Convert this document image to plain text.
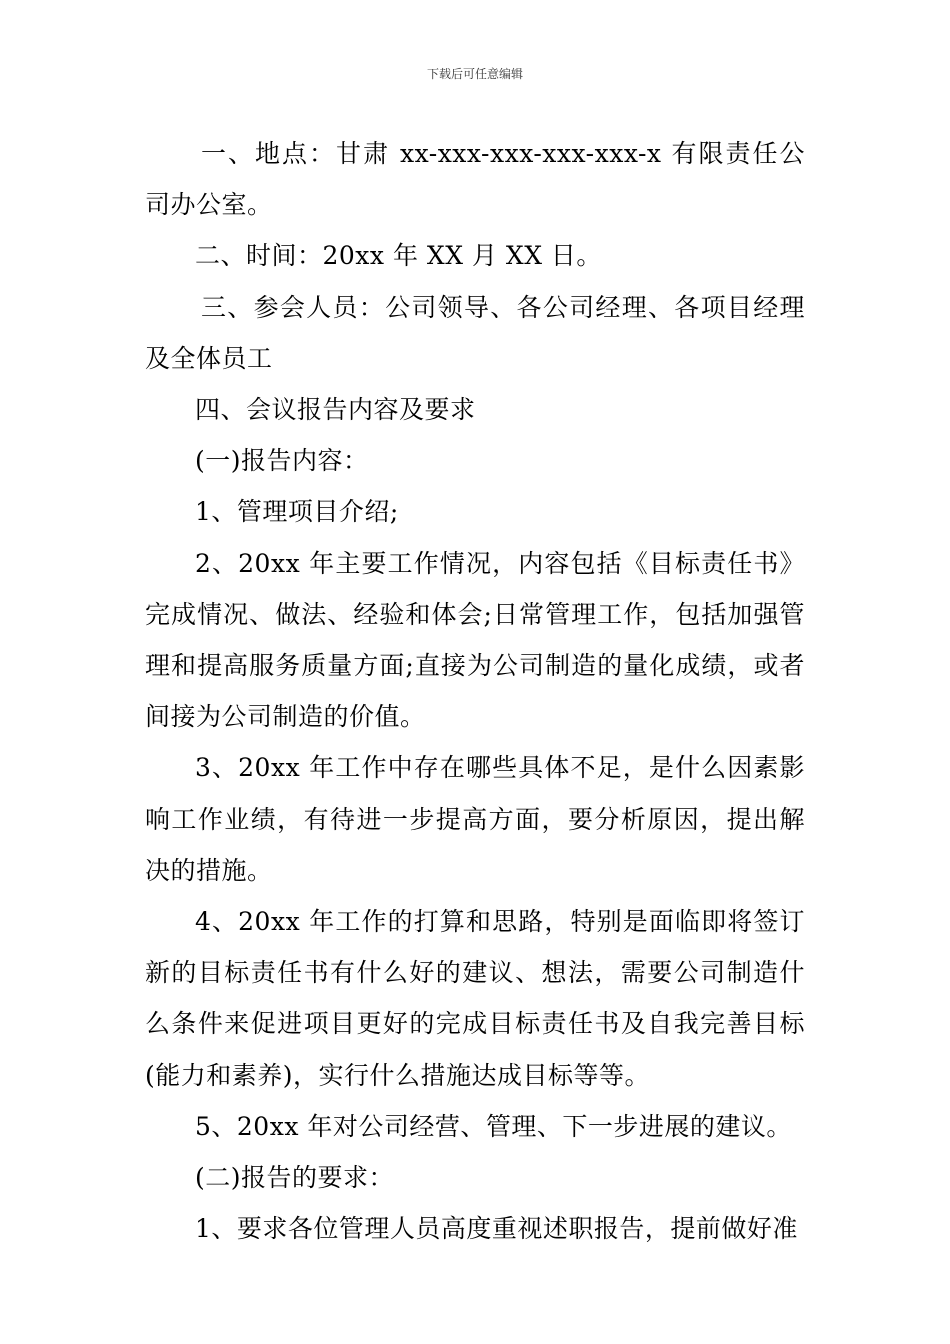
下载后可任意编辑

一、地点：甘肃 xx-xxx-xxx-xxx-xxx-x 有限责任公司办公室。

二、时间：20xx 年 XX 月 XX 日。

三、参会人员：公司领导、各公司经理、各项目经理及全体员工

四、会议报告内容及要求

(一)报告内容：

1、管理项目介绍;

2、20xx 年主要工作情况，内容包括《目标责任书》完成情况、做法、经验和体会;日常管理工作，包括加强管理和提高服务质量方面;直接为公司制造的量化成绩，或者间接为公司制造的价值。

3、20xx 年工作中存在哪些具体不足，是什么因素影响工作业绩，有待进一步提高方面，要分析原因，提出解决的措施。

4、20xx 年工作的打算和思路，特别是面临即将签订新的目标责任书有什么好的建议、想法，需要公司制造什么条件来促进项目更好的完成目标责任书及自我完善目标(能力和素养)，实行什么措施达成目标等等。

5、20xx 年对公司经营、管理、下一步进展的建议。

(二)报告的要求：

1、要求各位管理人员高度重视述职报告，提前做好准
